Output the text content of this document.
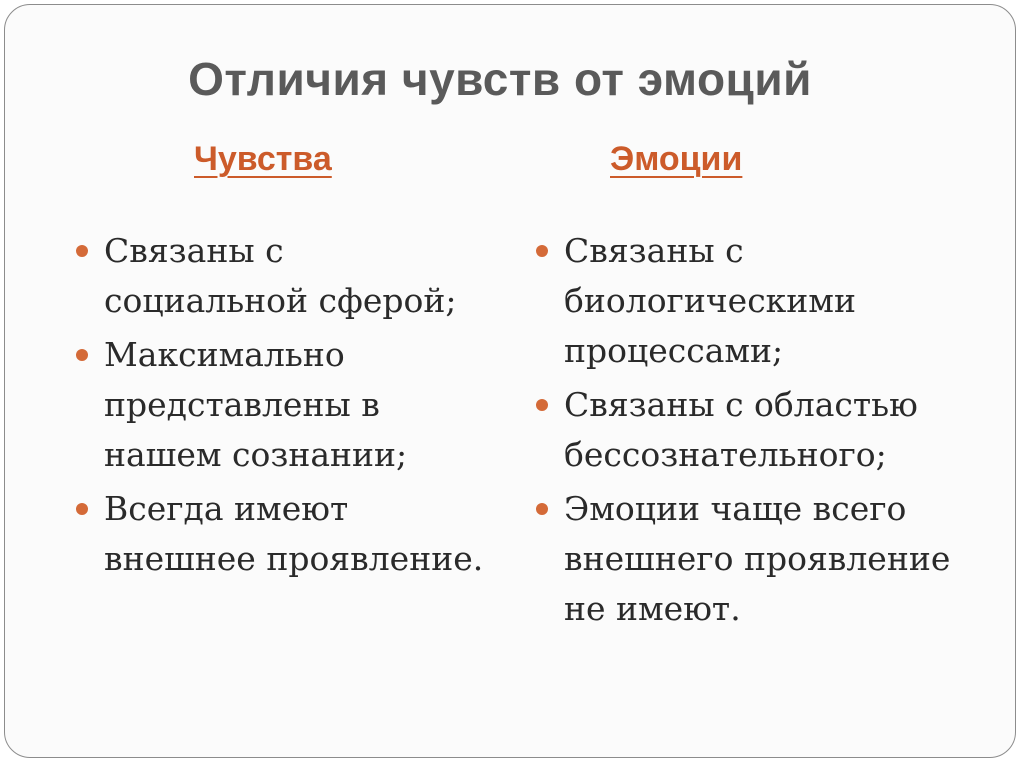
Отличия чувств от эмоций
Чувства	Эмоции
Связаны с
социальной сферой;
Максимально
представлены в
нашем сознании;
Всегда имеют
внешнее проявление.
Связаны с
биологическими
процессами;
Связаны с областью
бессознательного;
Эмоции чаще всего
внешнего проявление
не имеют.
